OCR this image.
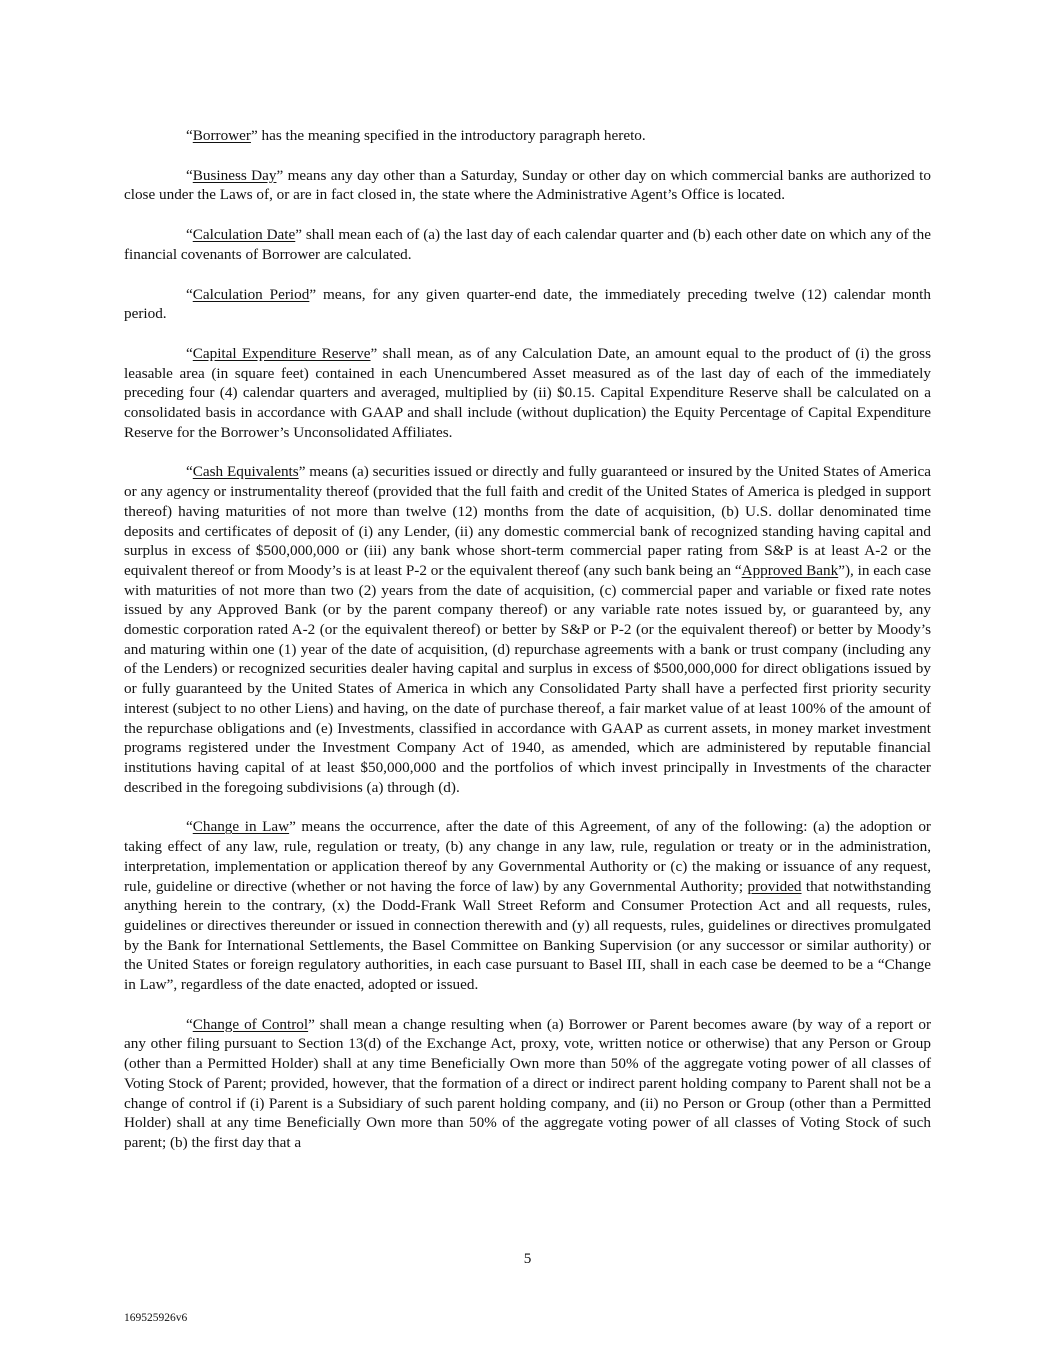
“Borrower” has the meaning specified in the introductory paragraph hereto.

“Business Day” means any day other than a Saturday, Sunday or other day on which commercial banks are authorized to close under the Laws of, or are in fact closed in, the state where the Administrative Agent’s Office is located.

“Calculation Date” shall mean each of (a) the last day of each calendar quarter and (b) each other date on which any of the financial covenants of Borrower are calculated.

“Calculation Period” means, for any given quarter-end date, the immediately preceding twelve (12) calendar month period.

“Capital Expenditure Reserve” shall mean, as of any Calculation Date, an amount equal to the product of (i) the gross leasable area (in square feet) contained in each Unencumbered Asset measured as of the last day of each of the immediately preceding four (4) calendar quarters and averaged, multiplied by (ii) $0.15. Capital Expenditure Reserve shall be calculated on a consolidated basis in accordance with GAAP and shall include (without duplication) the Equity Percentage of Capital Expenditure Reserve for the Borrower’s Unconsolidated Affiliates.

“Cash Equivalents” means (a) securities issued or directly and fully guaranteed or insured by the United States of America or any agency or instrumentality thereof (provided that the full faith and credit of the United States of America is pledged in support thereof) having maturities of not more than twelve (12) months from the date of acquisition, (b) U.S. dollar denominated time deposits and certificates of deposit of (i) any Lender, (ii) any domestic commercial bank of recognized standing having capital and surplus in excess of $500,000,000 or (iii) any bank whose short-term commercial paper rating from S&P is at least A-2 or the equivalent thereof or from Moody’s is at least P-2 or the equivalent thereof (any such bank being an “Approved Bank”), in each case with maturities of not more than two (2) years from the date of acquisition, (c) commercial paper and variable or fixed rate notes issued by any Approved Bank (or by the parent company thereof) or any variable rate notes issued by, or guaranteed by, any domestic corporation rated A-2 (or the equivalent thereof) or better by S&P or P-2 (or the equivalent thereof) or better by Moody’s and maturing within one (1) year of the date of acquisition, (d) repurchase agreements with a bank or trust company (including any of the Lenders) or recognized securities dealer having capital and surplus in excess of $500,000,000 for direct obligations issued by or fully guaranteed by the United States of America in which any Consolidated Party shall have a perfected first priority security interest (subject to no other Liens) and having, on the date of purchase thereof, a fair market value of at least 100% of the amount of the repurchase obligations and (e) Investments, classified in accordance with GAAP as current assets, in money market investment programs registered under the Investment Company Act of 1940, as amended, which are administered by reputable financial institutions having capital of at least $50,000,000 and the portfolios of which invest principally in Investments of the character described in the foregoing subdivisions (a) through (d).

“Change in Law” means the occurrence, after the date of this Agreement, of any of the following: (a) the adoption or taking effect of any law, rule, regulation or treaty, (b) any change in any law, rule, regulation or treaty or in the administration, interpretation, implementation or application thereof by any Governmental Authority or (c) the making or issuance of any request, rule, guideline or directive (whether or not having the force of law) by any Governmental Authority; provided that notwithstanding anything herein to the contrary, (x) the Dodd-Frank Wall Street Reform and Consumer Protection Act and all requests, rules, guidelines or directives thereunder or issued in connection therewith and (y) all requests, rules, guidelines or directives promulgated by the Bank for International Settlements, the Basel Committee on Banking Supervision (or any successor or similar authority) or the United States or foreign regulatory authorities, in each case pursuant to Basel III, shall in each case be deemed to be a “Change in Law”, regardless of the date enacted, adopted or issued.

“Change of Control” shall mean a change resulting when (a) Borrower or Parent becomes aware (by way of a report or any other filing pursuant to Section 13(d) of the Exchange Act, proxy, vote, written notice or otherwise) that any Person or Group (other than a Permitted Holder) shall at any time Beneficially Own more than 50% of the aggregate voting power of all classes of Voting Stock of Parent; provided, however, that the formation of a direct or indirect parent holding company to Parent shall not be a change of control if (i) Parent is a Subsidiary of such parent holding company, and (ii) no Person or Group (other than a Permitted Holder) shall at any time Beneficially Own more than 50% of the aggregate voting power of all classes of Voting Stock of such parent; (b) the first day that a

5
169525926v6
